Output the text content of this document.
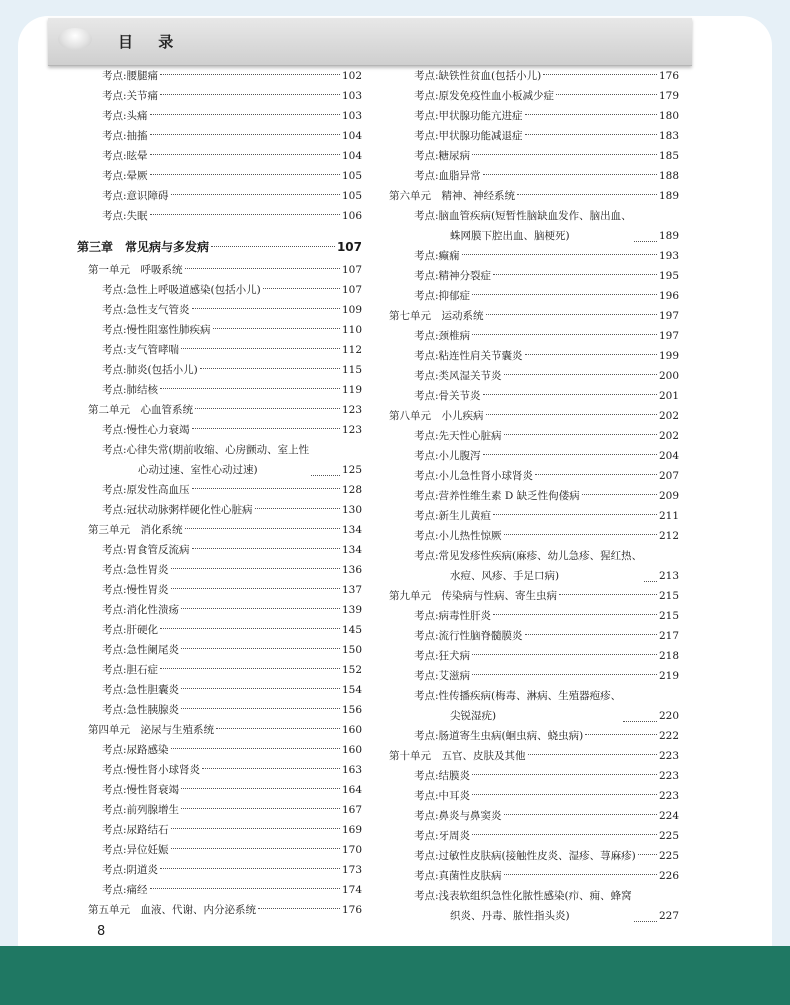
目 录
考点:腰腿痛	102
考点:关节痛	103
考点:头痛	103
考点:抽搐	104
考点:眩晕	104
考点:晕厥	105
考点:意识障碍	105
考点:失眠	106
第三章　常见病与多发病	107
第一单元　呼吸系统	107
考点:急性上呼吸道感染(包括小儿)	107
考点:急性支气管炎	109
考点:慢性阻塞性肺疾病	110
考点:支气管哮喘	112
考点:肺炎(包括小儿)	115
考点:肺结核	119
第二单元　心血管系统	123
考点:慢性心力衰竭	123
考点:心律失常(期前收缩、心房颤动、室上性
心动过速、室性心动过速)	125
考点:原发性高血压	128
考点:冠状动脉粥样硬化性心脏病	130
第三单元　消化系统	134
考点:胃食管反流病	134
考点:急性胃炎	136
考点:慢性胃炎	137
考点:消化性溃疡	139
考点:肝硬化	145
考点:急性阑尾炎	150
考点:胆石症	152
考点:急性胆囊炎	154
考点:急性胰腺炎	156
第四单元　泌尿与生殖系统	160
考点:尿路感染	160
考点:慢性肾小球肾炎	163
考点:慢性肾衰竭	164
考点:前列腺增生	167
考点:尿路结石	169
考点:异位妊娠	170
考点:阴道炎	173
考点:痛经	174
第五单元　血液、代谢、内分泌系统	176
考点:缺铁性贫血(包括小儿)	176
考点:原发免疫性血小板减少症	179
考点:甲状腺功能亢进症	180
考点:甲状腺功能减退症	183
考点:糖尿病	185
考点:血脂异常	188
第六单元　精神、神经系统	189
考点:脑血管疾病(短暂性脑缺血发作、脑出血、
蛛网膜下腔出血、脑梗死)	189
考点:癫痫	193
考点:精神分裂症	195
考点:抑郁症	196
第七单元　运动系统	197
考点:颈椎病	197
考点:粘连性肩关节囊炎	199
考点:类风湿关节炎	200
考点:骨关节炎	201
第八单元　小儿疾病	202
考点:先天性心脏病	202
考点:小儿腹泻	204
考点:小儿急性肾小球肾炎	207
考点:营养性维生素 D 缺乏性佝偻病	209
考点:新生儿黄疸	211
考点:小儿热性惊厥	212
考点:常见发疹性疾病(麻疹、幼儿急疹、猩红热、
水痘、风疹、手足口病)	213
第九单元　传染病与性病、寄生虫病	215
考点:病毒性肝炎	215
考点:流行性脑脊髓膜炎	217
考点:狂犬病	218
考点:艾滋病	219
考点:性传播疾病(梅毒、淋病、生殖器疱疹、
尖锐湿疣)	220
考点:肠道寄生虫病(蛔虫病、蛲虫病)	222
第十单元　五官、皮肤及其他	223
考点:结膜炎	223
考点:中耳炎	223
考点:鼻炎与鼻窦炎	224
考点:牙周炎	225
考点:过敏性皮肤病(接触性皮炎、湿疹、荨麻疹) 225
考点:真菌性皮肤病	226
考点:浅表软组织急性化脓性感染(疖、痈、蜂窝
织炎、丹毒、脓性指头炎)	227
8
